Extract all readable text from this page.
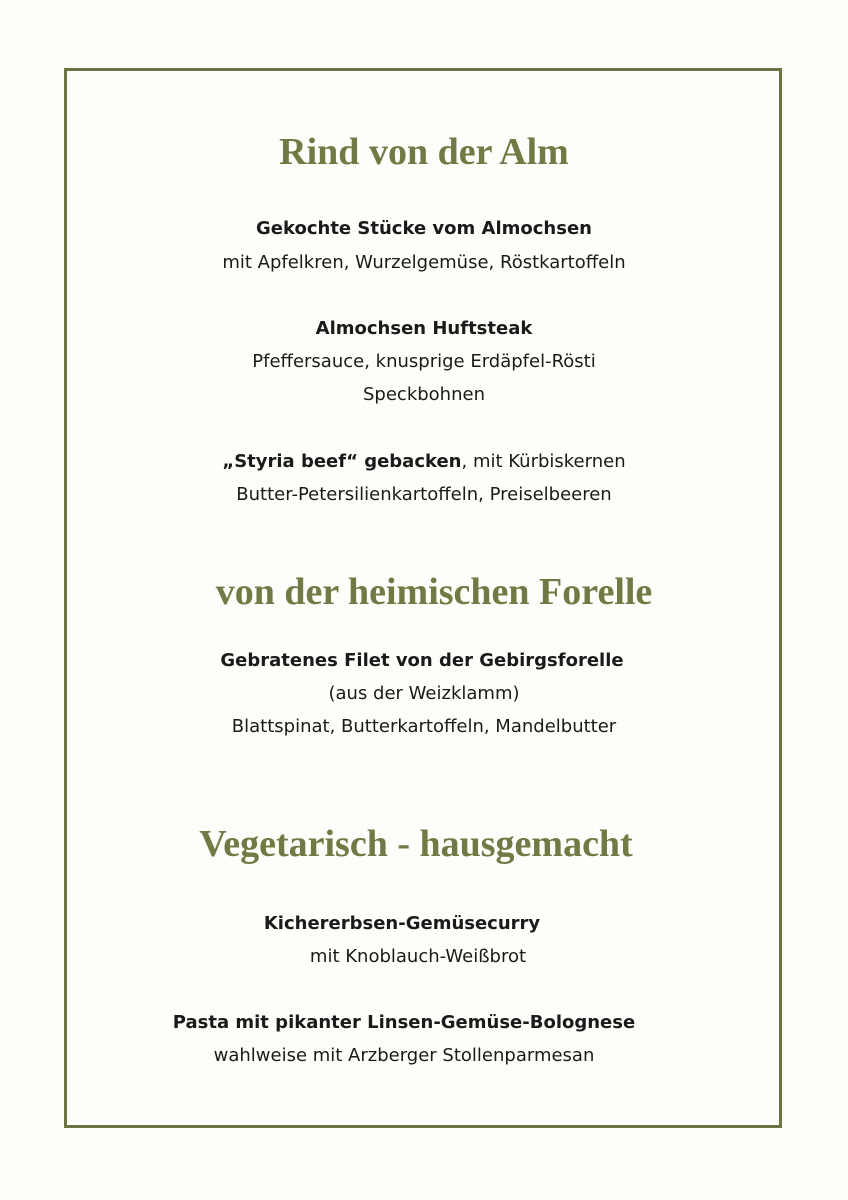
Rind von der Alm
Gekochte Stücke vom Almochsen
mit Apfelkren, Wurzelgemüse, Röstkartoffeln
Almochsen Huftsteak
Pfeffersauce, knusprige Erdäpfel-Rösti
Speckbohnen
„Styria beef“ gebacken, mit Kürbiskernen
Butter-Petersilienkartoffeln, Preiselbeeren
von der heimischen Forelle
Gebratenes Filet von der Gebirgsforelle
(aus der Weizklamm)
Blattspinat, Butterkartoffeln, Mandelbutter
Vegetarisch - hausgemacht
Kichererbsen-Gemüsecurry
mit Knoblauch-Weißbrot
Pasta mit pikanter Linsen-Gemüse-Bolognese
wahlweise mit Arzberger Stollenparmesan
